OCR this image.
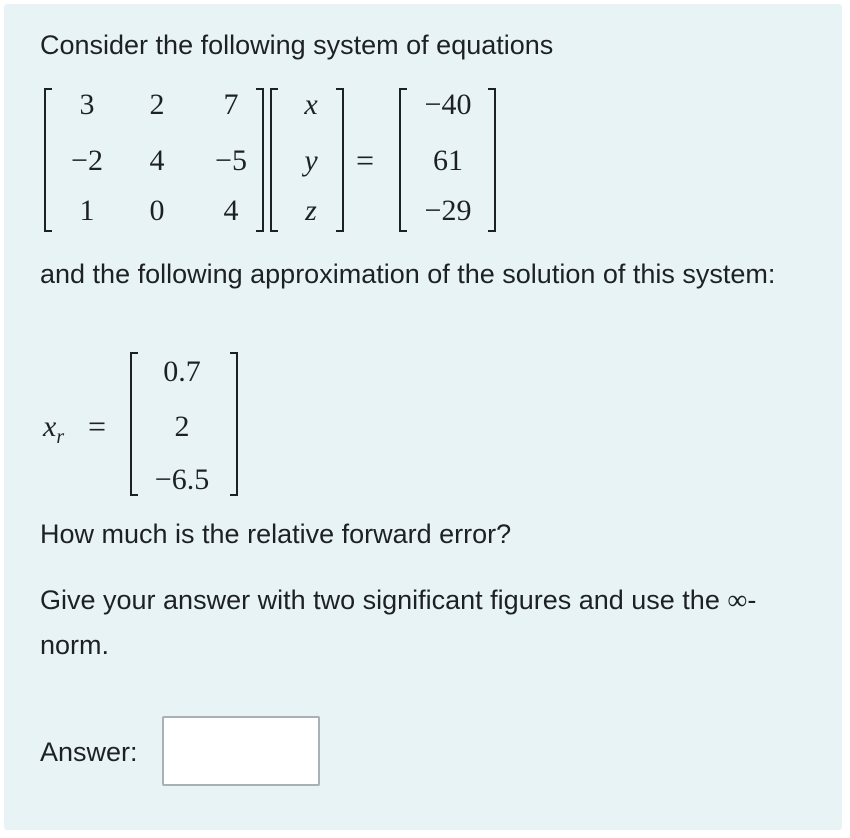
Consider the following system of equations
3	2	7
−2	4	−5
1	0	4
x
y
z
=
−40
61
−29
and the following approximation of the solution of this system:
$x_r$ =
0.7
2
−6.5
How much is the relative forward error?
Give your answer with two significant figures and use the ∞-norm.
Answer:
